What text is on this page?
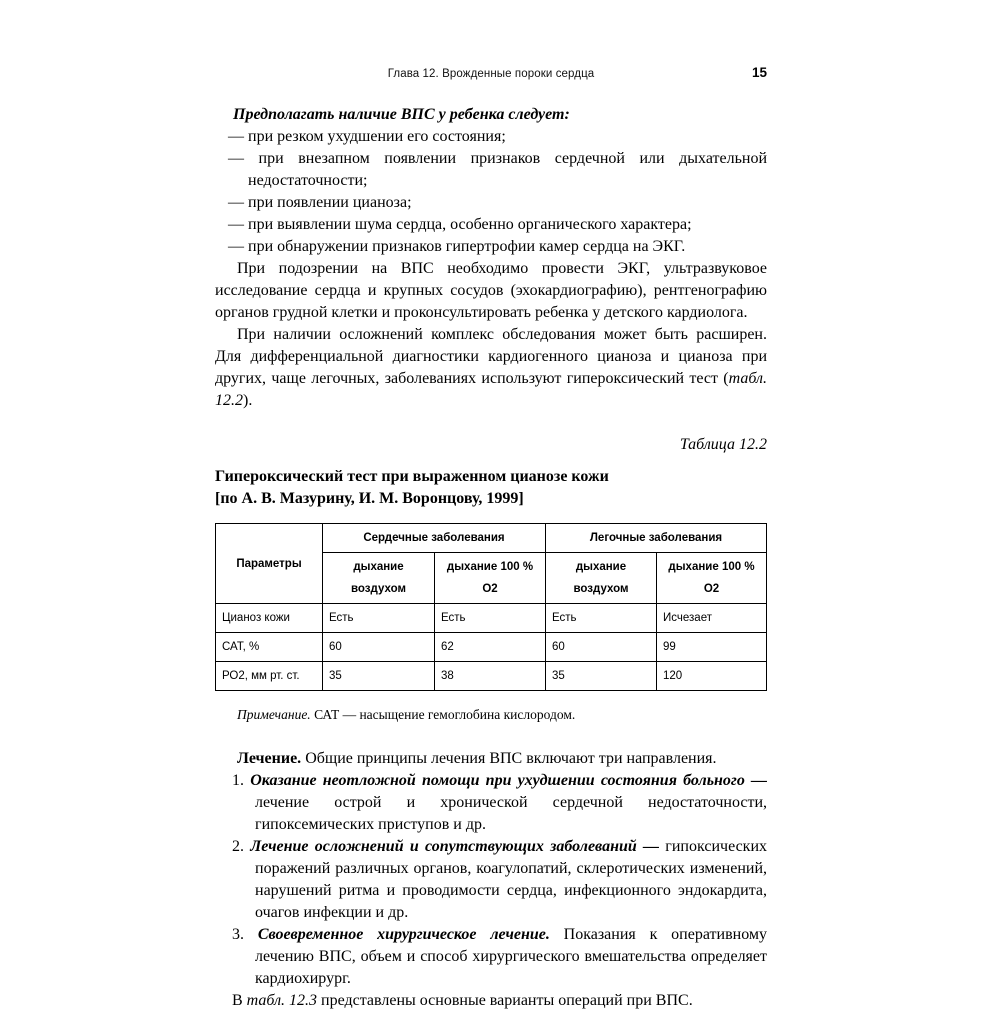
Глава 12. Врожденные пороки сердца	15
Предполагать наличие ВПС у ребенка следует:
— при резком ухудшении его состояния;
— при внезапном появлении признаков сердечной или дыхательной недостаточности;
— при появлении цианоза;
— при выявлении шума сердца, особенно органического характера;
— при обнаружении признаков гипертрофии камер сердца на ЭКГ.
При подозрении на ВПС необходимо провести ЭКГ, ультразвуковое исследование сердца и крупных сосудов (эхокардиографию), рентгенографию органов грудной клетки и проконсультировать ребенка у детского кардиолога.
При наличии осложнений комплекс обследования может быть расширен. Для дифференциальной диагностики кардиогенного цианоза и цианоза при других, чаще легочных, заболеваниях используют гипероксический тест (табл. 12.2).
Таблица 12.2
Гипероксический тест при выраженном цианозе кожи
[по А. В. Мазурину, И. М. Воронцову, 1999]
Параметры	Сердечные заболевания		Легочные заболевания	
	дыхание воздухом	дыхание 100 % О2	дыхание воздухом	дыхание 100 % О2
Цианоз кожи	Есть	Есть	Есть	Исчезает
САТ, %	60	62	60	99
РО2, мм рт. ст.	35	38	35	120
Примечание. САТ — насыщение гемоглобина кислородом.
Лечение. Общие принципы лечения ВПС включают три направления.
1. Оказание неотложной помощи при ухудшении состояния больного — лечение острой и хронической сердечной недостаточности, гипоксемических приступов и др.
2. Лечение осложнений и сопутствующих заболеваний — гипоксических поражений различных органов, коагулопатий, склеротических изменений, нарушений ритма и проводимости сердца, инфекционного эндокардита, очагов инфекции и др.
3. Своевременное хирургическое лечение. Показания к оперативному лечению ВПС, объем и способ хирургического вмешательства определяет кардиохирург.
В табл. 12.3 представлены основные варианты операций при ВПС.
